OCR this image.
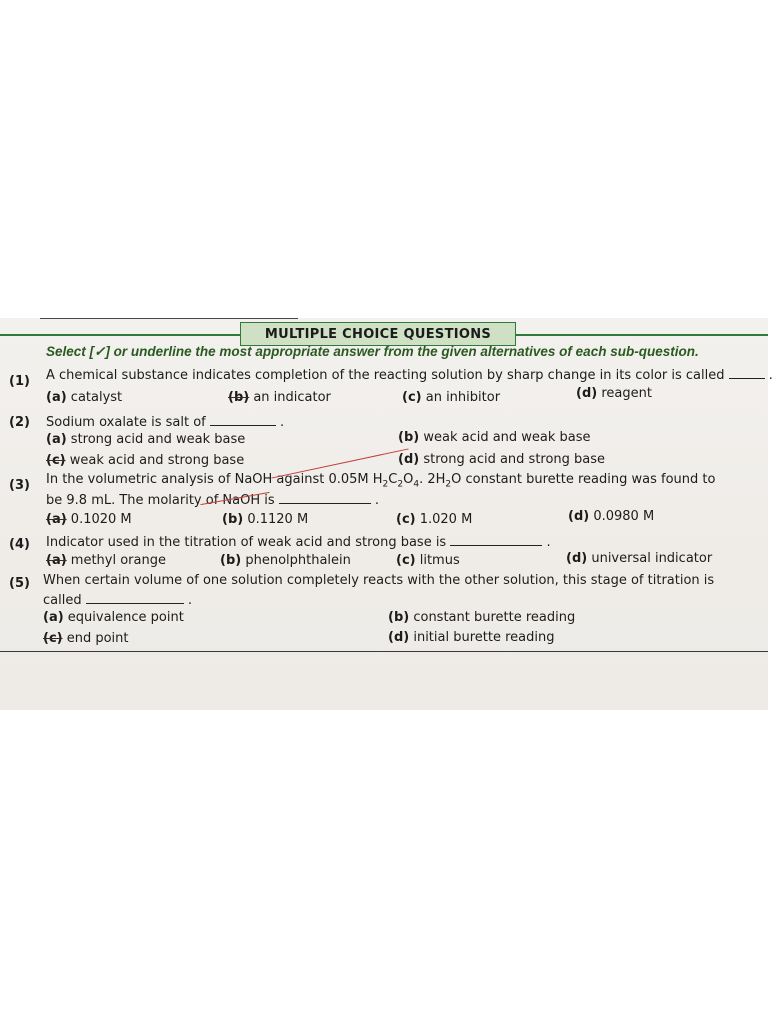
MULTIPLE CHOICE QUESTIONS
Select [✓] or underline the most appropriate answer from the given alternatives of each sub-question.
(1) A chemical substance indicates completion of the reacting solution by sharp change in its color is called	.
(a) catalyst	(b) an indicator	(c) an inhibitor	(d) reagent
(2) Sodium oxalate is salt of	.
(a) strong acid and weak base	(b) weak acid and weak base
(c) weak acid and strong base	(d) strong acid and strong base
(3) In the volumetric analysis of NaOH against 0.05M $H_2C_2O_4$. $2H_2O$ constant burette reading was found to
be 9.8 mL. The molarity of NaOH is	.
(a) 0.1020 M	(b) 0.1120 M	(c) 1.020 M	(d) 0.0980 M
(4) Indicator used in the titration of weak acid and strong base is	.
(a) methyl orange	(b) phenolphthalein	(c) litmus	(d) universal indicator
(5) When certain volume of one solution completely reacts with the other solution, this stage of titration is
called	.
(a) equivalence point	(b) constant burette reading
(c) end point	(d) initial burette reading
